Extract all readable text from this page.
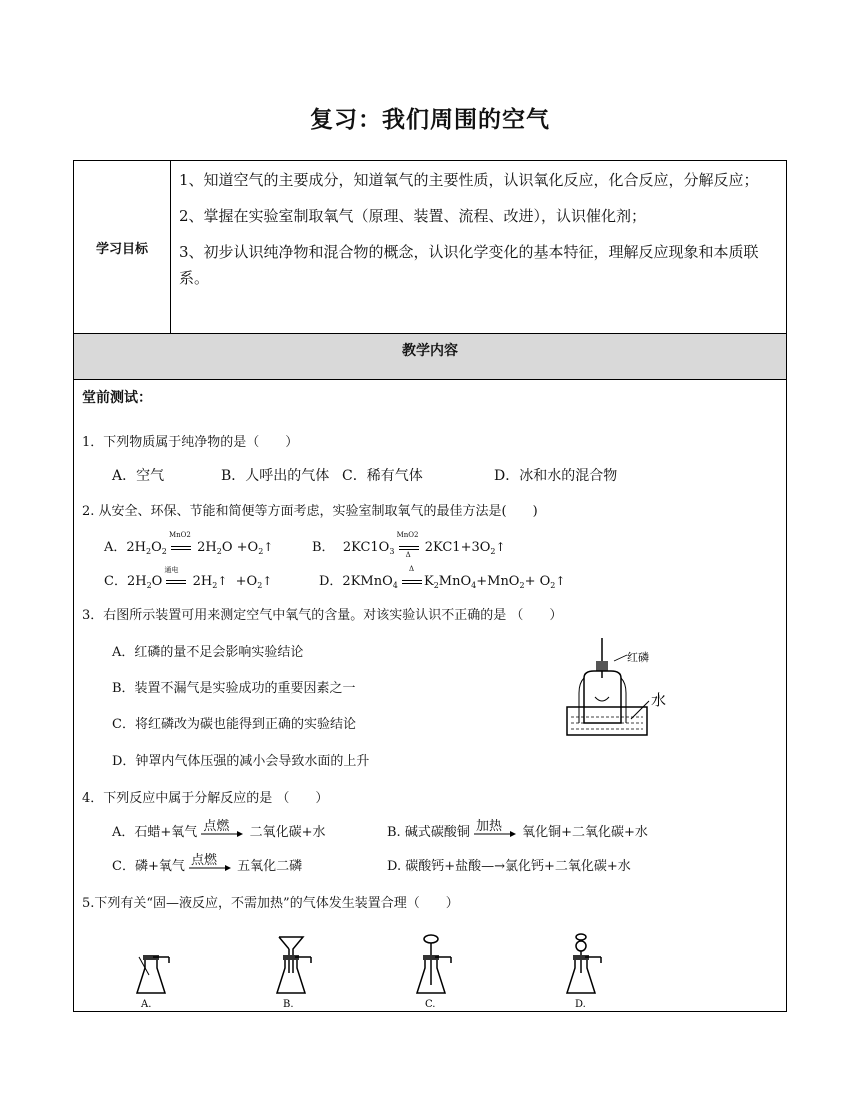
复习：我们周围的空气
学习目标

1、知道空气的主要成分，知道氧气的主要性质，认识氧化反应，化合反应，分解反应；

2、掌握在实验室制取氧气（原理、装置、流程、改进），认识催化剂；

3、初步认识纯净物和混合物的概念，认识化学变化的基本特征，理解反应现象和本质联系。

教学内容
堂前测试：
1．下列物质属于纯净物的是（　　）
A．空气	B．人呼出的气体 C．稀有气体	D．冰和水的混合物
2. 从安全、环保、节能和简便等方面考虑，实验室制取氧气的最佳方法是(　　)
A．$2H_2O_2$
MnO2
$2H_2O$ $+O_2↑$	B． $2KC1O_3$
MnO2
Δ $2KC1+3O_2↑$
C．$2H_2O$
通电
$2H_2↑$ $+O_2↑$	D．2KMnO$_4$
Δ
$K_2MnO_4+MnO_2+$ $O_2↑$
3．右图所示装置可用来测定空气中氧气的含量。对该实验认识不正确的是 （　　）
A．红磷的量不足会影响实验结论
B．装置不漏气是实验成功的重要因素之一
C．将红磷改为碳也能得到正确的实验结论
D．钟罩内气体压强的减小会导致水面的上升
红磷
水
4．下列反应中属于分解反应的是 （　　）
A．石蜡+氧气 点燃 二氧化碳+水	B. 碱式碳酸铜 加热 氧化铜+二氧化碳+水
C．磷+氧气 点燃 五氧化二磷	D. 碳酸钙+盐酸—→氯化钙+二氧化碳+水
5.下列有关“固—液反应，不需加热”的气体发生装置合理（　　）
A.	B.	C.	D.
